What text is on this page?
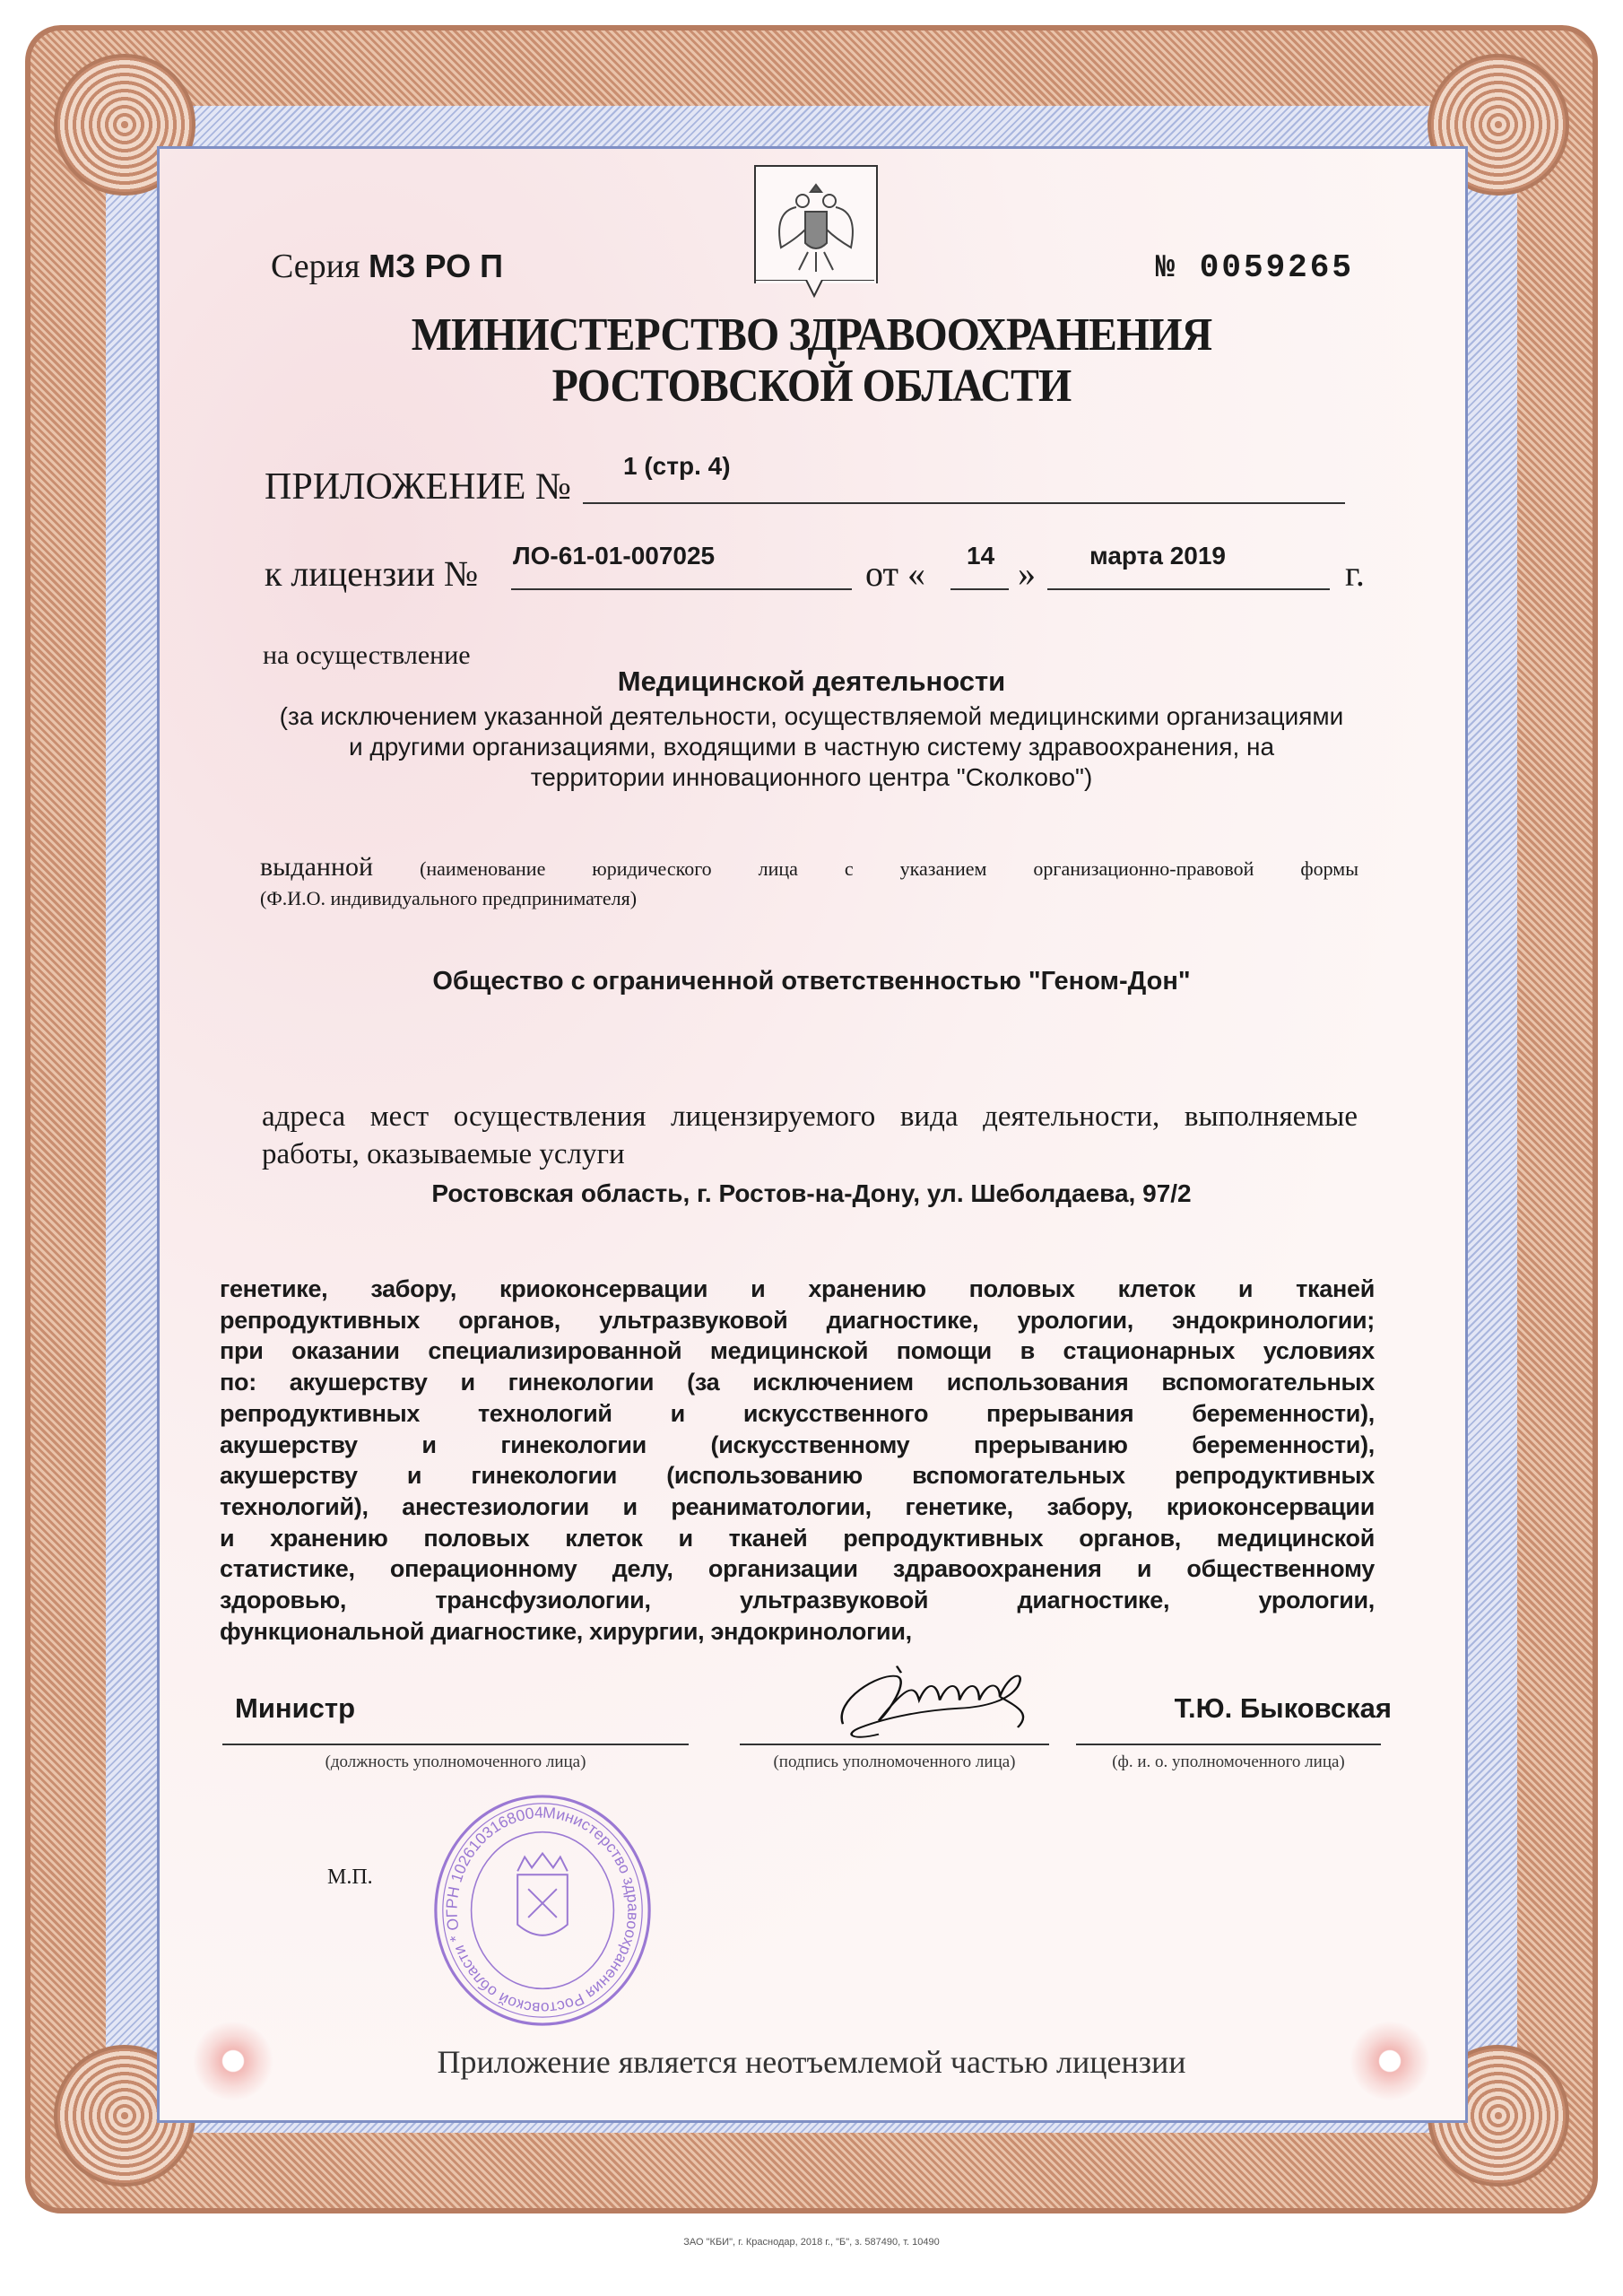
Серия МЗ РО П	№ 0059265
МИНИСТЕРСТВО ЗДРАВООХРАНЕНИЯ
РОСТОВСКОЙ ОБЛАСТИ
ПРИЛОЖЕНИЕ №
1 (стр. 4)
к лицензии № ЛО-61-01-007025	от « 14 » марта 2019	г.
на осуществление
Медицинской деятельности
(за исключением указанной деятельности, осуществляемой медицинскими организациями
и другими организациями, входящими в частную систему здравоохранения, на
территории инновационного центра "Сколково")
выданной (наименование юридического лица с указанием организационно-правовой формы
(Ф.И.О. индивидуального предпринимателя)
Общество с ограниченной ответственностью "Геном-Дон"
адреса мест осуществления лицензируемого вида деятельности, выполняемые
работы, оказываемые услуги
Ростовская область, г. Ростов-на-Дону, ул. Шеболдаева, 97/2
генетике, забору, криоконсервации и хранению половых клеток и тканей
репродуктивных органов, ультразвуковой диагностике, урологии, эндокринологии;
при оказании специализированной медицинской помощи в стационарных условиях
по: акушерству и гинекологии (за исключением использования вспомогательных
репродуктивных технологий и искусственного прерывания беременности),
акушерству и гинекологии (искусственному прерыванию беременности),
акушерству и гинекологии (использованию вспомогательных репродуктивных
технологий), анестезиологии и реаниматологии, генетике, забору, криоконсервации
и хранению половых клеток и тканей репродуктивных органов, медицинской
статистике, операционному делу, организации здравоохранения и общественному
здоровью, трансфузиологии, ультразвуковой диагностике, урологии,
функциональной диагностике, хирургии, эндокринологии,
Министр
(должность уполномоченного лица)	(подпись уполномоченного лица)	(ф. и. о. уполномоченного лица)
Т.Ю. Быковская
М.П.
Министерство здравоохранения Ростовской области * ОГРН 1026103168004
Приложение является неотъемлемой частью лицензии
ЗАО "КБИ", г. Краснодар, 2018 г., "Б", з. 587490, т. 10490
